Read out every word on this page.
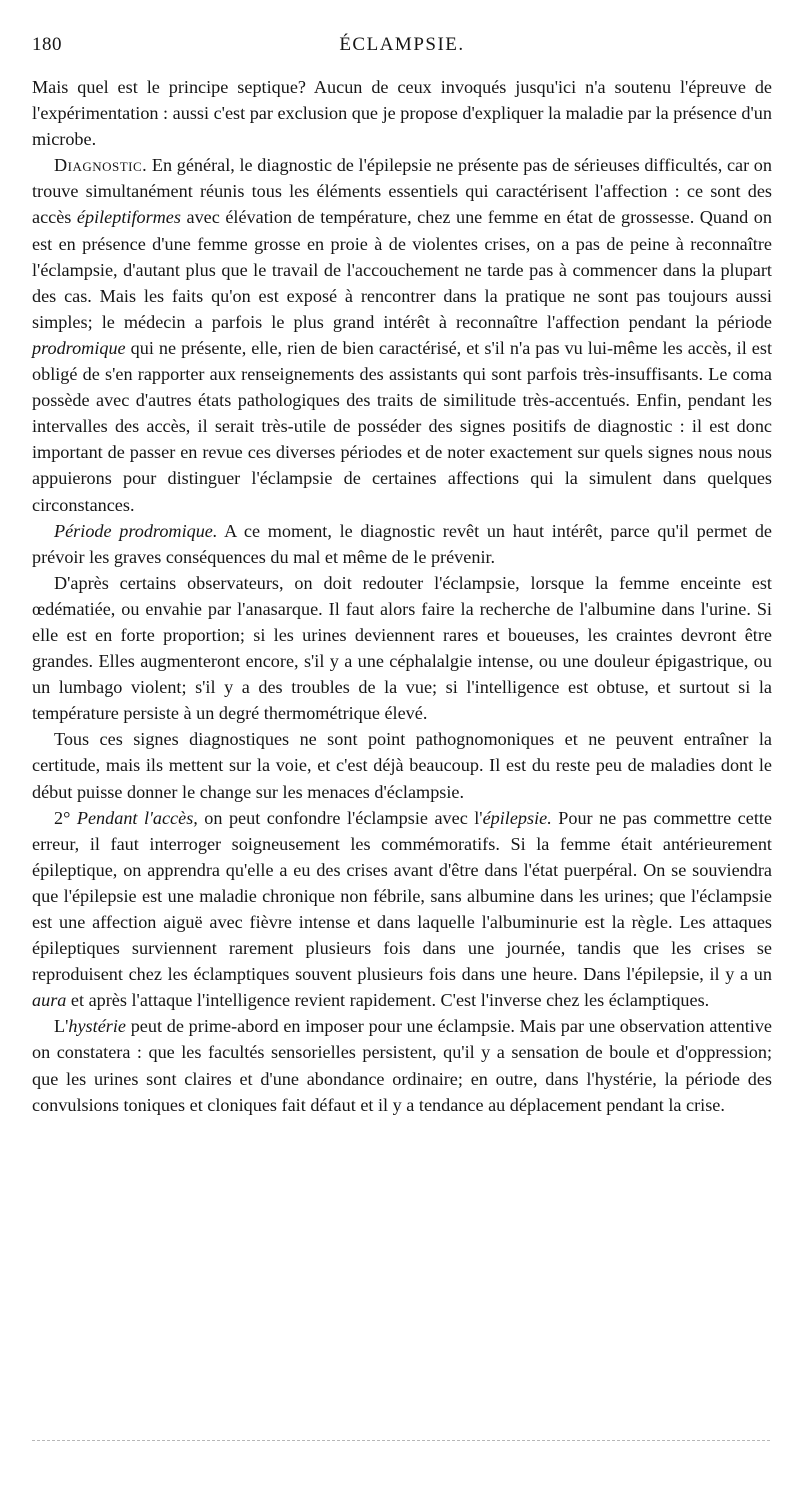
180	ÉCLAMPSIE.

Mais quel est le principe septique? Aucun de ceux invoqués jusqu'ici n'a soutenu l'épreuve de l'expérimentation : aussi c'est par exclusion que je propose d'expliquer la maladie par la présence d'un microbe.

Diagnostic. En général, le diagnostic de l'épilepsie ne présente pas de sérieuses difficultés, car on trouve simultanément réunis tous les éléments essentiels qui caractérisent l'affection : ce sont des accès épileptiformes avec élévation de température, chez une femme en état de grossesse. Quand on est en présence d'une femme grosse en proie à de violentes crises, on a pas de peine à reconnaître l'éclampsie, d'autant plus que le travail de l'accouchement ne tarde pas à commencer dans la plupart des cas. Mais les faits qu'on est exposé à rencontrer dans la pratique ne sont pas toujours aussi simples; le médecin a parfois le plus grand intérêt à reconnaître l'affection pendant la période prodromique qui ne présente, elle, rien de bien caractérisé, et s'il n'a pas vu lui-même les accès, il est obligé de s'en rapporter aux renseignements des assistants qui sont parfois très-insuffisants. Le coma possède avec d'autres états pathologiques des traits de similitude très-accentués. Enfin, pendant les intervalles des accès, il serait très-utile de posséder des signes positifs de diagnostic : il est donc important de passer en revue ces diverses périodes et de noter exactement sur quels signes nous nous appuierons pour distinguer l'éclampsie de certaines affections qui la simulent dans quelques circonstances.

Période prodromique. A ce moment, le diagnostic revêt un haut intérêt, parce qu'il permet de prévoir les graves conséquences du mal et même de le prévenir.

D'après certains observateurs, on doit redouter l'éclampsie, lorsque la femme enceinte est œdématiée, ou envahie par l'anasarque. Il faut alors faire la recherche de l'albumine dans l'urine. Si elle est en forte proportion; si les urines deviennent rares et boueuses, les craintes devront être grandes. Elles augmenteront encore, s'il y a une céphalalgie intense, ou une douleur épigastrique, ou un lumbago violent; s'il y a des troubles de la vue; si l'intelligence est obtuse, et surtout si la température persiste à un degré thermométrique élevé.

Tous ces signes diagnostiques ne sont point pathognomoniques et ne peuvent entraîner la certitude, mais ils mettent sur la voie, et c'est déjà beaucoup. Il est du reste peu de maladies dont le début puisse donner le change sur les menaces d'éclampsie.

2° Pendant l'accès, on peut confondre l'éclampsie avec l'épilepsie. Pour ne pas commettre cette erreur, il faut interroger soigneusement les commémoratifs. Si la femme était antérieurement épileptique, on apprendra qu'elle a eu des crises avant d'être dans l'état puerpéral. On se souviendra que l'épilepsie est une maladie chronique non fébrile, sans albumine dans les urines; que l'éclampsie est une affection aiguë avec fièvre intense et dans laquelle l'albuminurie est la règle. Les attaques épileptiques surviennent rarement plusieurs fois dans une journée, tandis que les crises se reproduisent chez les éclamptiques souvent plusieurs fois dans une heure. Dans l'épilepsie, il y a un aura et après l'attaque l'intelligence revient rapidement. C'est l'inverse chez les éclamptiques.

L'hystérie peut de prime-abord en imposer pour une éclampsie. Mais par une observation attentive on constatera : que les facultés sensorielles persistent, qu'il y a sensation de boule et d'oppression; que les urines sont claires et d'une abondance ordinaire; en outre, dans l'hystérie, la période des convulsions toniques et cloniques fait défaut et il y a tendance au déplacement pendant la crise.
